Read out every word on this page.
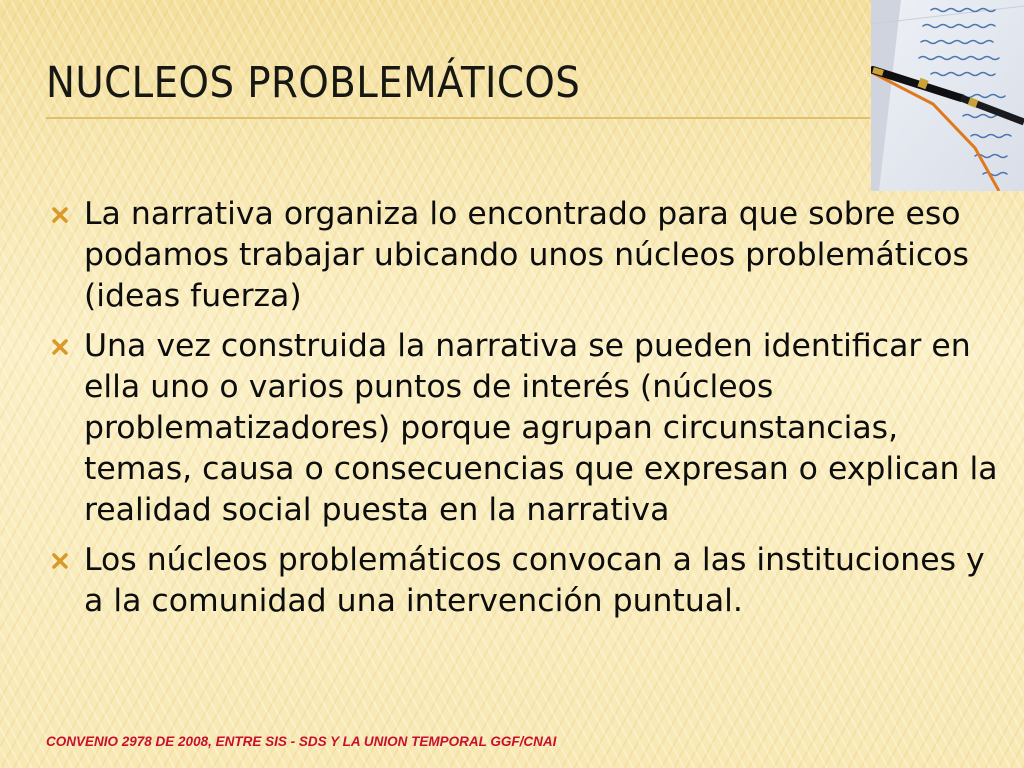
NUCLEOS PROBLEMÁTICOS
La narrativa organiza lo encontrado para que sobre eso podamos trabajar ubicando unos núcleos problemáticos (ideas fuerza)
Una vez construida la narrativa se pueden identificar en ella uno o varios puntos de interés (núcleos problematizadores) porque agrupan circunstancias, temas, causa o consecuencias que expresan o explican la realidad social puesta en la narrativa
Los núcleos problemáticos convocan a las instituciones y a la comunidad una intervención puntual.
CONVENIO 2978 DE 2008, ENTRE SIS - SDS Y LA UNION TEMPORAL GGF/CNAI
